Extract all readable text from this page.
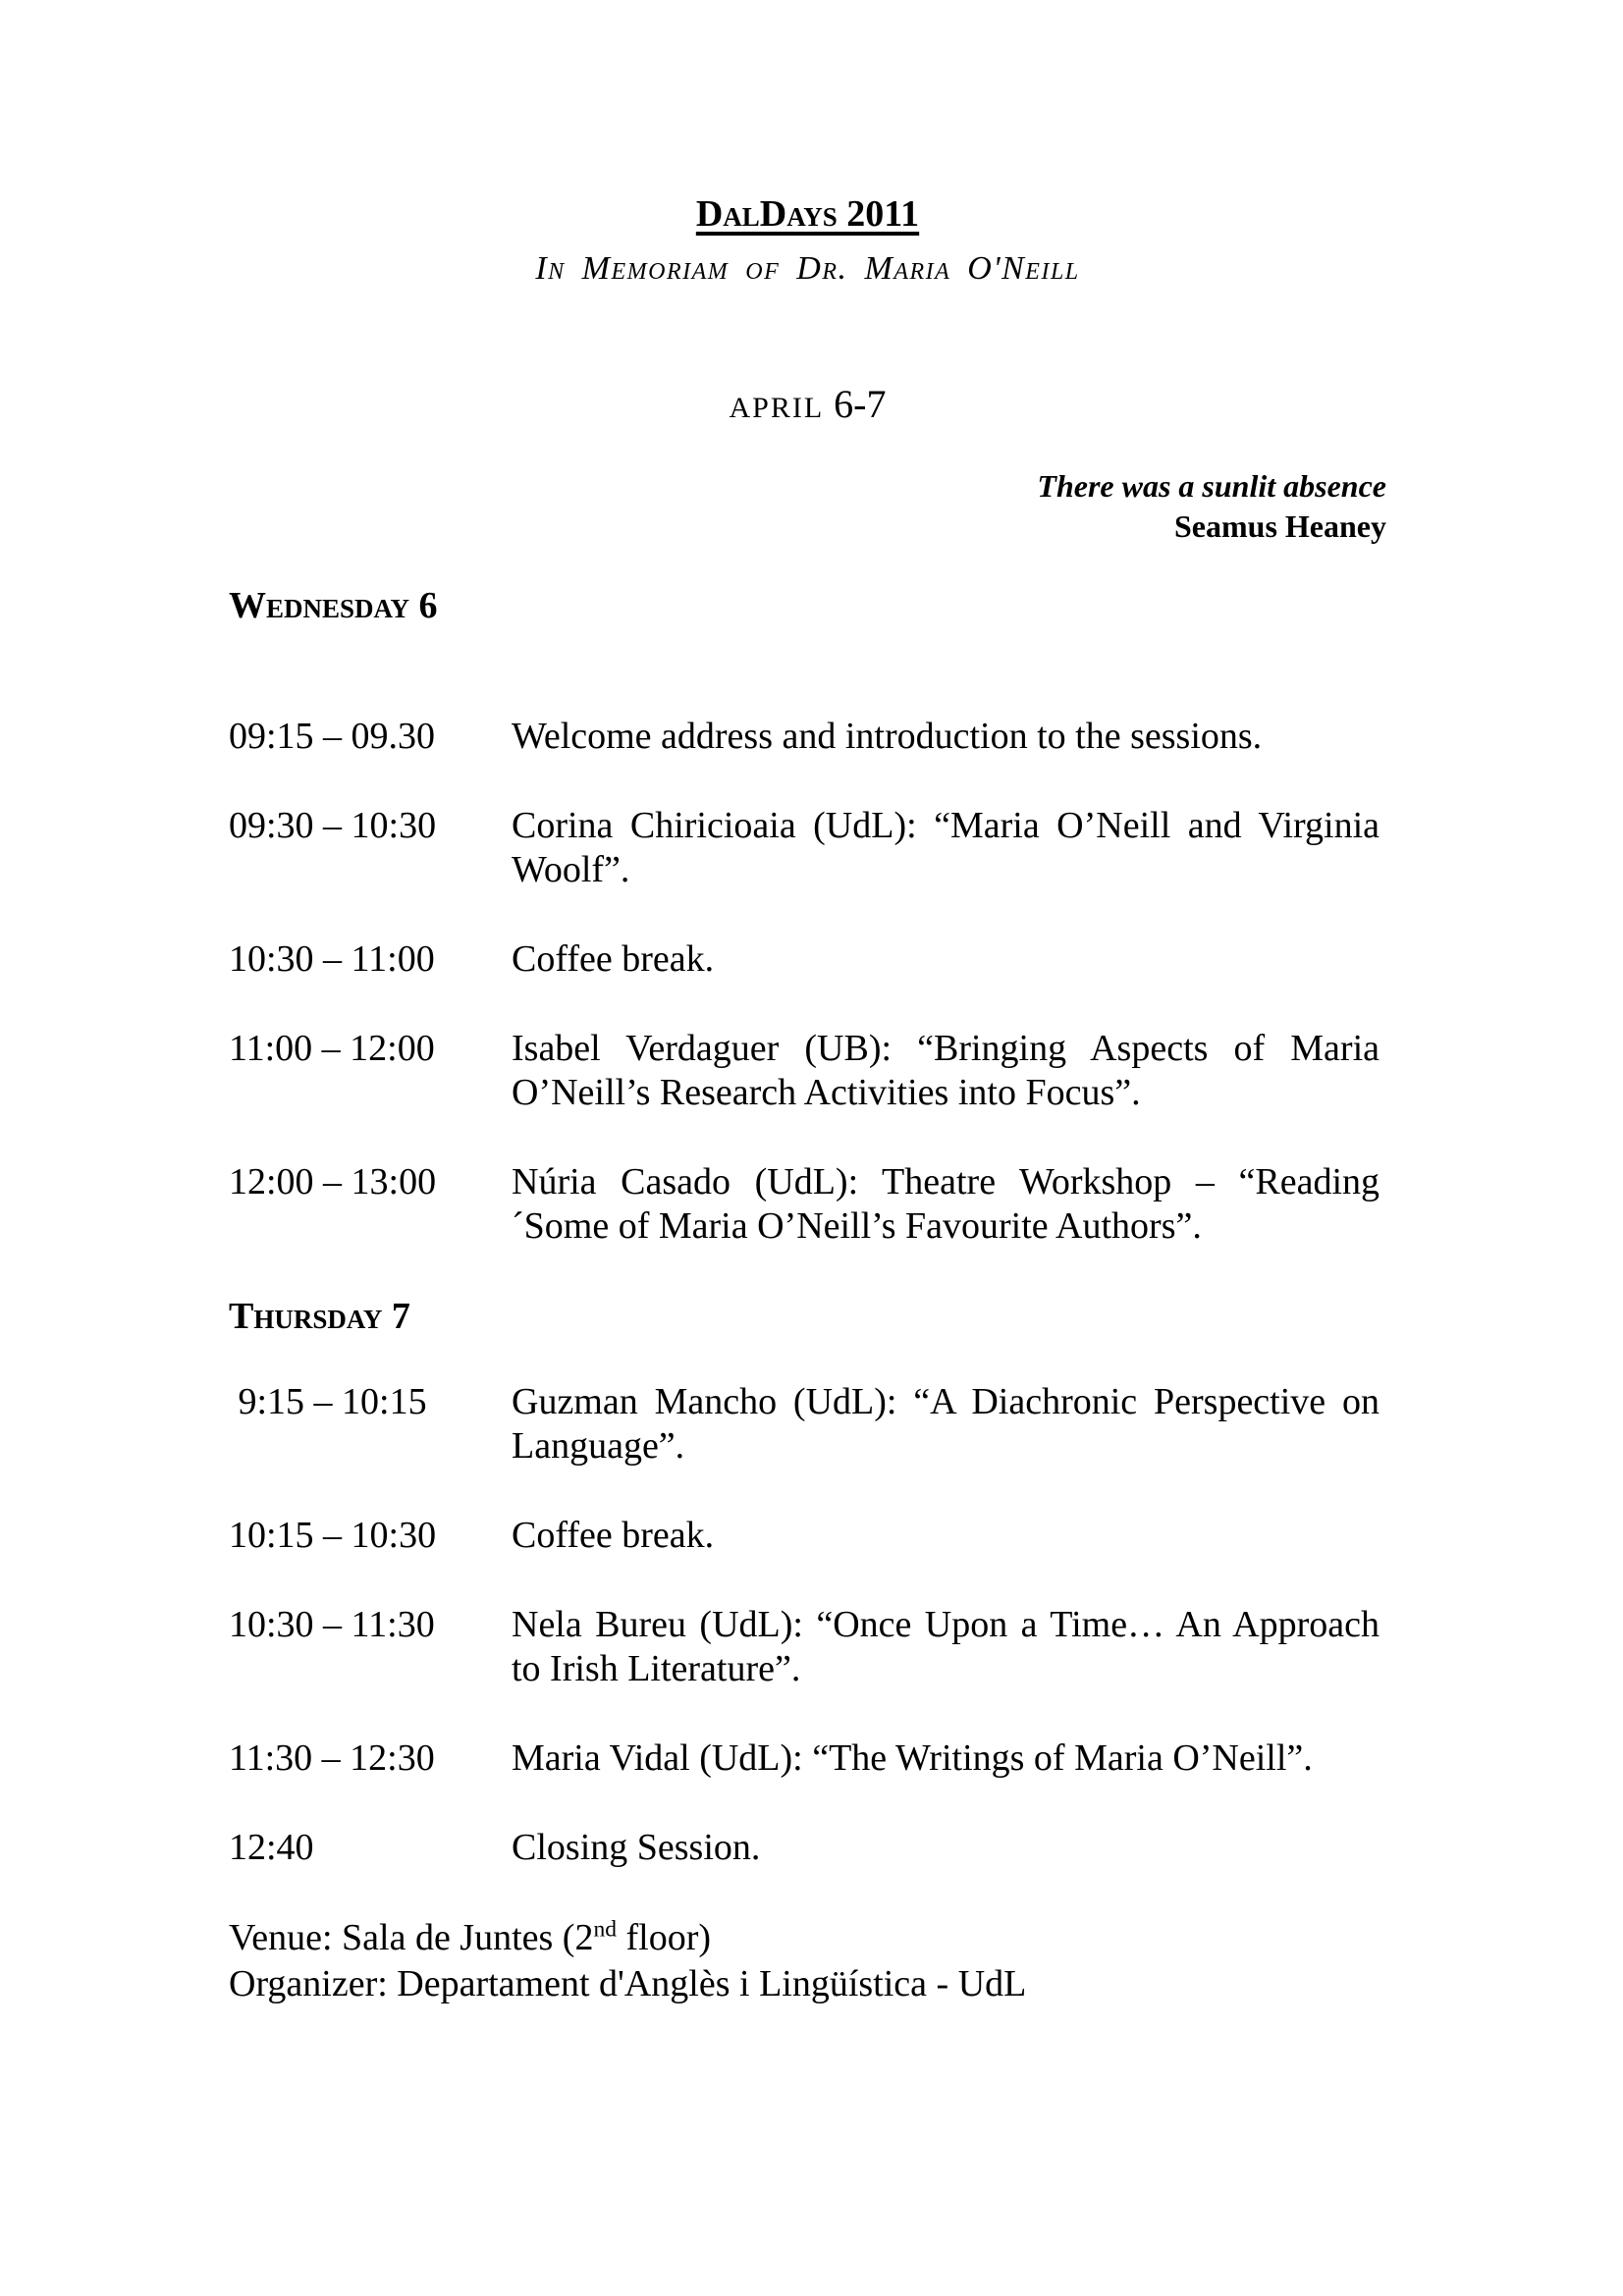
DalDays 2011
In Memoriam of Dr. Maria O'Neill
APRIL 6-7
There was a sunlit absence
Seamus Heaney
Wednesday 6
09:15 – 09.30	Welcome address and introduction to the sessions.
09:30 – 10:30	Corina Chiricioaia (UdL): “Maria O’Neill and Virginia Woolf”.
10:30 – 11:00	Coffee break.
11:00 – 12:00	Isabel Verdaguer (UB): “Bringing Aspects of Maria O’Neill’s Research Activities into Focus”.
12:00 – 13:00	Núria Casado (UdL): Theatre Workshop – “Reading ´Some of Maria O’Neill’s Favourite Authors”.
Thursday 7
9:15 – 10:15	Guzman Mancho (UdL): “A Diachronic Perspective on Language”.
10:15 – 10:30	Coffee break.
10:30 – 11:30	Nela Bureu (UdL): “Once Upon a Time… An Approach to Irish Literature”.
11:30 – 12:30	Maria Vidal (UdL): “The Writings of Maria O’Neill”.
12:40	Closing Session.
Venue: Sala de Juntes (2nd floor)
Organizer: Departament d'Anglès i Lingüística - UdL
